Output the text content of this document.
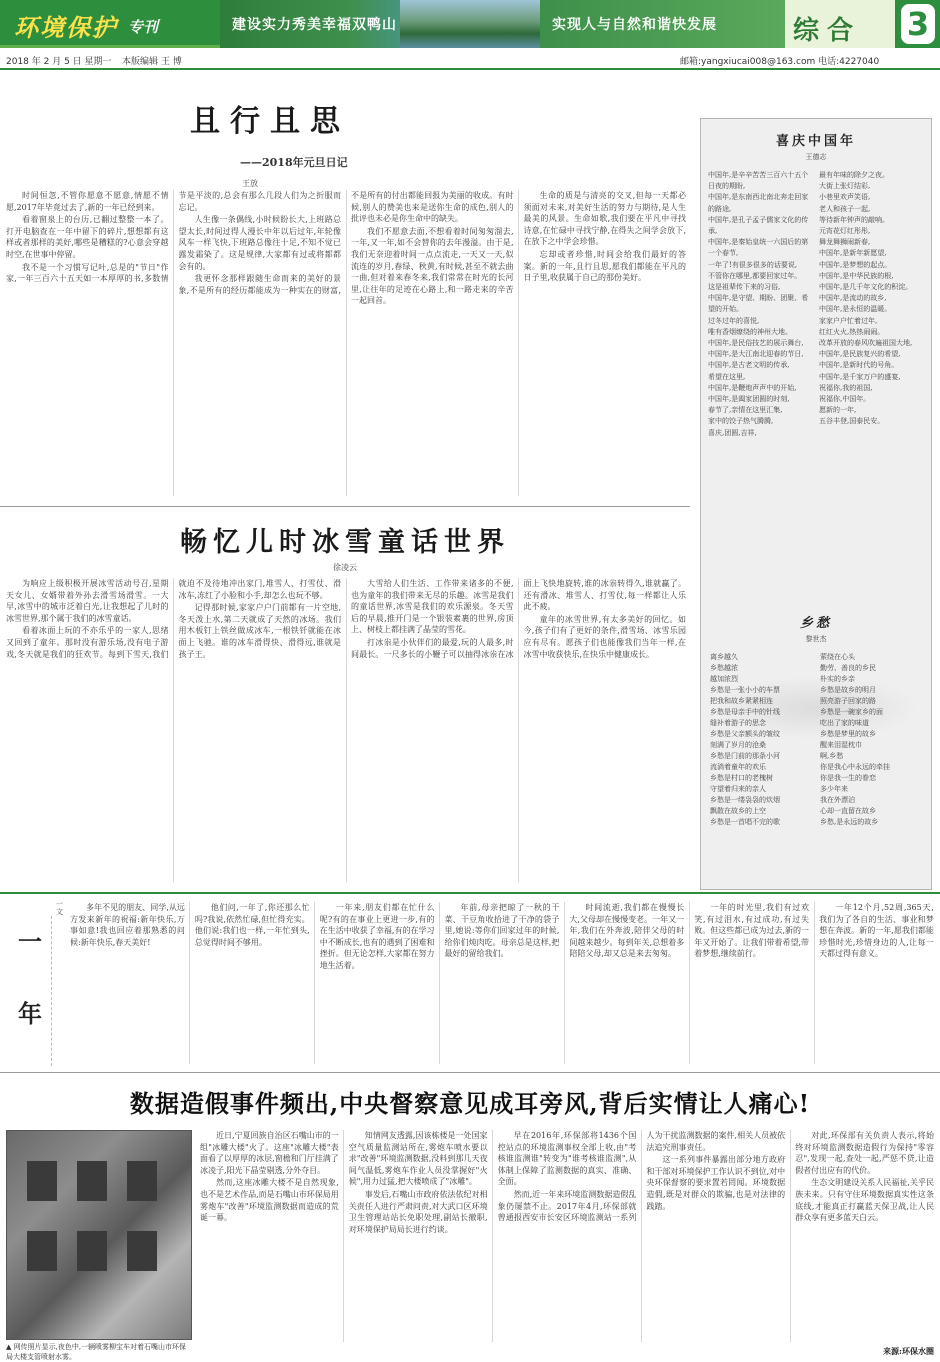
环境保护 专刊	建设实力秀美幸福双鸭山	实现人与自然和谐快发展	综合 3
2018 年 2 月 5 日 星期一 本版编辑 王 博	邮箱:yangxiucai008@163.com 电话:4227040
且行且思
——2018年元旦日记
王放

时间恒忽,不管你愿意不愿意,情愿不情愿,2017年毕竟过去了,新的一年已经到来。

看着窗泉上的台历,已翻过整整一本了。打开电脑查在一年中留下的碎片,想想都有这样或者那样的美好,哪些是糟糕的?心意会穿越时空,在世事中停留。

我不是一个习惯写记叶,总是的"节日"作家,一年三百六十五天如一本厚厚的书,多数情节是平淡的,总会有那么几段人们为之折服而忘记。

人生像一条偶线,小时候盼长大,上班路总望太长,时间过得人漫长中年以后过年,年轮像风车一样飞快,下班路总像往十足,不知不觉已露发霜染了。这是规律,大家都有过或将都都会有的。

我更怀念那样跟随生命而来的美好的景象,不是所有的经历都能成为一种实在的财富,不是所有的付出都能回报为美丽的收成。有时候,别人的赞美也来是送你生命的成色,别人的批评也未必是你生命中的缺失。

我们不愿意去面,不想看着时间匆匆溜去,一年,又一年,如不会替你的去年漫溢。由于是,我们无奈迎着时间一点点流走,一天又一天,似流连的岁月,春绿、秋黄,有时候,甚至不就去曲一曲,但对着来春冬来,我们常常在时光的长河里,让往年的足迹在心路上,和一路走来的辛苦一起回首。

生命的质是与清亮的交叉,但每一天都必须面对未来,对美好生活的努力与期待,是人生最美的风景。生命如歌,我们要在平凡中寻找诗意,在忙碌中寻找宁静,在得失之间学会放下,在放下之中学会珍惜。

忘却或者珍惜,时间会给我们最好的答案。新的一年,且行且思,愿我们都能在平凡的日子里,收获属于自己的那份美好。

畅忆儿时冰雪童话世界
徐凌云

为响应上级积极开展冰雪活动号召,星期天女儿、女婿带着外孙去滑雪场滑雪。一大早,冰雪中的城市泛着白光,让我想起了儿时的冰雪世界,那个属于我们的冰雪童话。

看着冰面上玩的不亦乐乎的一家人,思绪又回到了童年。那时没有游乐场,没有电子游戏,冬天就是我们的狂欢节。每到下雪天,我们就迫不及待地冲出家门,堆雪人、打雪仗、滑冰车,冻红了小脸和小手,却怎么也玩不够。

记得那时候,家家户户门前都有一片空地,冬天泼上水,第二天就成了天然的冰场。我们用木板钉上铁丝做成冰车,一根铁钎就能在冰面上飞驰。谁的冰车滑得快、滑得远,谁就是孩子王。

大雪给人们生活、工作带来诸多的不便,也为童年的我们带来无尽的乐趣。冰雪是我们的童话世界,冰雪是我们的欢乐源泉。冬天雪后的早晨,推开门是一个银装素裹的世界,房顶上、树枝上都挂满了晶莹的雪花。

打冰尜是小伙伴们的最爱,玩的人最多,时间最长。一尺多长的小鞭子可以抽得冰尜在冰面上飞快地旋转,谁的冰尜转得久,谁就赢了。还有滑冰、堆雪人、打雪仗,每一样都让人乐此不疲。

童年的冰雪世界,有太多美好的回忆。如今,孩子们有了更好的条件,滑雪场、冰雪乐园应有尽有。愿孩子们也能像我们当年一样,在冰雪中收获快乐,在快乐中健康成长。

喜庆中国年
王德志
中国年,是辛辛苦苦三百六十五个日夜的期盼,
中国年,是东南西北南北奔走回家的路途,
中国年,是孔子孟子儒家文化的传承,
中国年,是秦始皇统一六国后的第一个春节,
一年了!有很多很多的话要说,
不管你在哪里,都要回家过年。
这是祖辈传下来的习俗,
中国年,是守望、期盼、团聚、希望的开始。
过冬过年的喜悦,
唯有香烟缭绕的神州大地。
中国年,是民俗技艺的展示舞台,
中国年,是大江南北迎春的节日,
中国年,是古老文明的传承,
希望在这里,
中国年,是鞭炮声声中的开始,
中国年,是阖家团圆的时刻,
春节了,亲情在这里汇集,
家中的饺子热气腾腾,
喜庆,团圆,吉祥,
最有年味的除夕之夜。
大街上张灯结彩,
小巷里欢声笑语,
老人和孩子一起,
等待新年钟声的敲响。
元宵花灯红彤彤,
舞龙舞狮闹新春,
中国年,是新年新愿望,
中国年,是梦想的起点。
中国年,是中华民族的根,
中国年,是几千年文化的积淀。
中国年,是流动的故乡,
中国年,是永恒的温暖。
家家户户忙着过年,
红红火火,热热闹闹。
改革开放的春风吹遍祖国大地,
中国年,是民族复兴的希望,
中国年,是新时代的号角。
中国年,是千家万户的盛宴,
祝福你,我的祖国,
祝福你,中国年。
愿新的一年,
五谷丰登,国泰民安。
乡愁
黎世杰
离乡越久
乡愁越浓
越加浓烈
乡愁是一张小小的车票
把我和故乡紧紧相连
乡愁是母亲手中的针线
缝补着游子的思念
乡愁是父亲额头的皱纹
刻满了岁月的沧桑
乡愁是门前的那条小河
流淌着童年的欢乐
乡愁是村口的老槐树
守望着归来的亲人
乡愁是一缕袅袅的炊烟
飘散在故乡的上空
乡愁是一首唱不完的歌
萦绕在心头
勤劳、善良的乡民
朴实的乡亲
乡愁是故乡的明月
照亮游子回家的路
乡愁是一碗家乡的面
吃出了家的味道
乡愁是梦里的故乡
醒来泪湿枕巾
啊,乡愁
你是我心中永远的牵挂
你是我一生的眷恋
多少年来
我在外漂泊
心却一直留在故乡
乡愁,是永远的故乡
一
年
一文	多年不见的朋友、同学,从远方发来新年的祝福:新年快乐,万事如意!我也回应着那熟悉的问候:新年快乐,春天美好!

他们问,一年了,你还那么忙吗?我说,依然忙碌,但忙得充实。他们说:我们也一样,一年忙到头,总觉得时间不够用。

一年来,朋友们都在忙什么呢?有的在事业上更进一步,有的在生活中收获了幸福,有的在学习中不断成长,也有的遇到了困难和挫折。但无论怎样,大家都在努力地生活着。

年前,母亲把晾了一秋的干菜、干豆角收拾进了干净的袋子里,她说:等你们回家过年的时候,给你们炖肉吃。母亲总是这样,把最好的留给我们。

时间流逝,我们都在慢慢长大,父母却在慢慢变老。一年又一年,我们在外奔波,陪伴父母的时间越来越少。每到年关,总想着多陪陪父母,却又总是来去匆匆。

一年的时光里,我们有过欢笑,有过泪水,有过成功,有过失败。但这些都已成为过去,新的一年又开始了。让我们带着希望,带着梦想,继续前行。

一年12个月,52周,365天,我们为了各自的生活、事业和梦想在奔波。新的一年,愿我们都能珍惜时光,珍惜身边的人,让每一天都过得有意义。

数据造假事件频出,中央督察意见成耳旁风,背后实情让人痛心!
▲ 网传照片显示,夜色中,一辆喷雾柳宝车对着石嘴山市环保局大楼支管喷射水雾。

近日,宁夏回族自治区石嘴山市的一组"冰雕大楼"火了。这座"冰雕大楼"表面看了以厚厚的冰层,窗檐和门厅挂满了冰凌子,阳光下晶莹剔透,分外夺目。

然而,这座冰雕大楼不是自然现象,也不是艺术作品,而是石嘴山市环保局用雾炮车"改善"环境监测数据而造成的荒诞一幕。

知情网友透露,因该栋楼是一处国家空气质量监测站所在,雾炮车喷水要以求"改善"环境监测数据,没料到那几天夜间气温低,雾炮车作业人员没掌握好"火候",用力过猛,把大楼喷成了"冰雕"。

事发后,石嘴山市政府依法依纪对相关责任人进行严肃问责,对大武口区环境卫生管理站站长免职处理,副站长撤职,对环境保护局局长进行约谈。

早在2016年,环保部将1436个国控站点的环境监测事权全部上收,由"考核谁监测谁"转变为"谁考核谁监测",从体制上保障了监测数据的真实、准确、全面。

然而,近一年来环境监测数据造假乱象仍屡禁不止。2017年4月,环保部就曾通报西安市长安区环境监测站一系列人为干扰监测数据的案件,相关人员被依法追究刑事责任。

这一系列事件暴露出部分地方政府和干部对环境保护工作认识不到位,对中央环保督察的要求置若罔闻。环境数据造假,既是对群众的欺骗,也是对法律的践踏。

对此,环保部有关负责人表示,将始终对环境监测数据造假行为保持"零容忍",发现一起,查处一起,严惩不贷,让造假者付出应有的代价。

生态文明建设关系人民福祉,关乎民族未来。只有守住环境数据真实性这条底线,才能真正打赢蓝天保卫战,让人民群众享有更多蓝天白云。

来源:环保水圈
